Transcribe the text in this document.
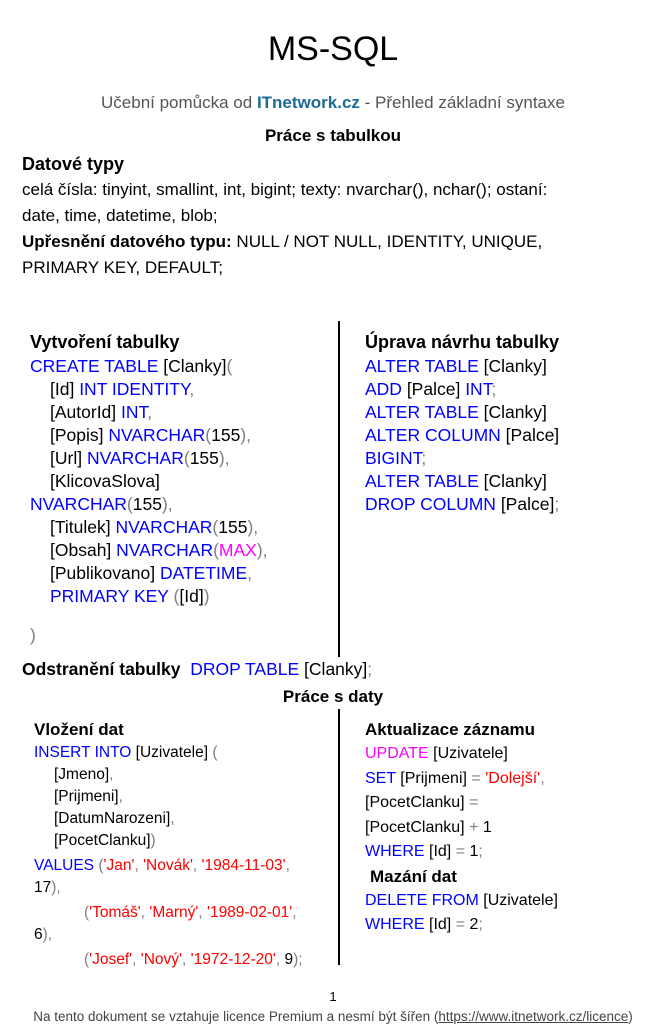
MS-SQL
Učební pomůcka od ITnetwork.cz - Přehled základní syntaxe
Práce s tabulkou
Datové typy
celá čísla: tinyint, smallint, int, bigint; texty: nvarchar(), nchar(); ostaní:
date, time, datetime, blob;
Upřesnění datového typu: NULL / NOT NULL, IDENTITY, UNIQUE,
PRIMARY KEY, DEFAULT;
Vytvoření tabulky
CREATE TABLE [Clanky](
[Id] INT IDENTITY,
[AutorId] INT,
[Popis] NVARCHAR(155),
[Url] NVARCHAR(155),
[KlicovaSlova]
NVARCHAR(155),
[Titulek] NVARCHAR(155),
[Obsah] NVARCHAR(MAX),
[Publikovano] DATETIME,
PRIMARY KEY ([Id])
)
Úprava návrhu tabulky
ALTER TABLE [Clanky]
ADD [Palce] INT;
ALTER TABLE [Clanky]
ALTER COLUMN [Palce]
BIGINT;
ALTER TABLE [Clanky]
DROP COLUMN [Palce];
Odstranění tabulky DROP TABLE [Clanky];
Práce s daty
Vložení dat
INSERT INTO [Uzivatele] (
[Jmeno],
[Prijmeni],
[DatumNarozeni],
[PocetClanku])
VALUES ('Jan', 'Novák', '1984-11-03',
17),
('Tomáš', 'Marný', '1989-02-01',
6),
('Josef', 'Nový', '1972-12-20', 9);
Aktualizace záznamu
UPDATE [Uzivatele]
SET [Prijmeni] = 'Dolejší',
[PocetClanku] =
[PocetClanku] + 1
WHERE [Id] = 1;
Mazání dat
DELETE FROM [Uzivatele]
WHERE [Id] = 2;
1
Na tento dokument se vztahuje licence Premium a nesmí být šířen (https://www.itnetwork.cz/licence)
